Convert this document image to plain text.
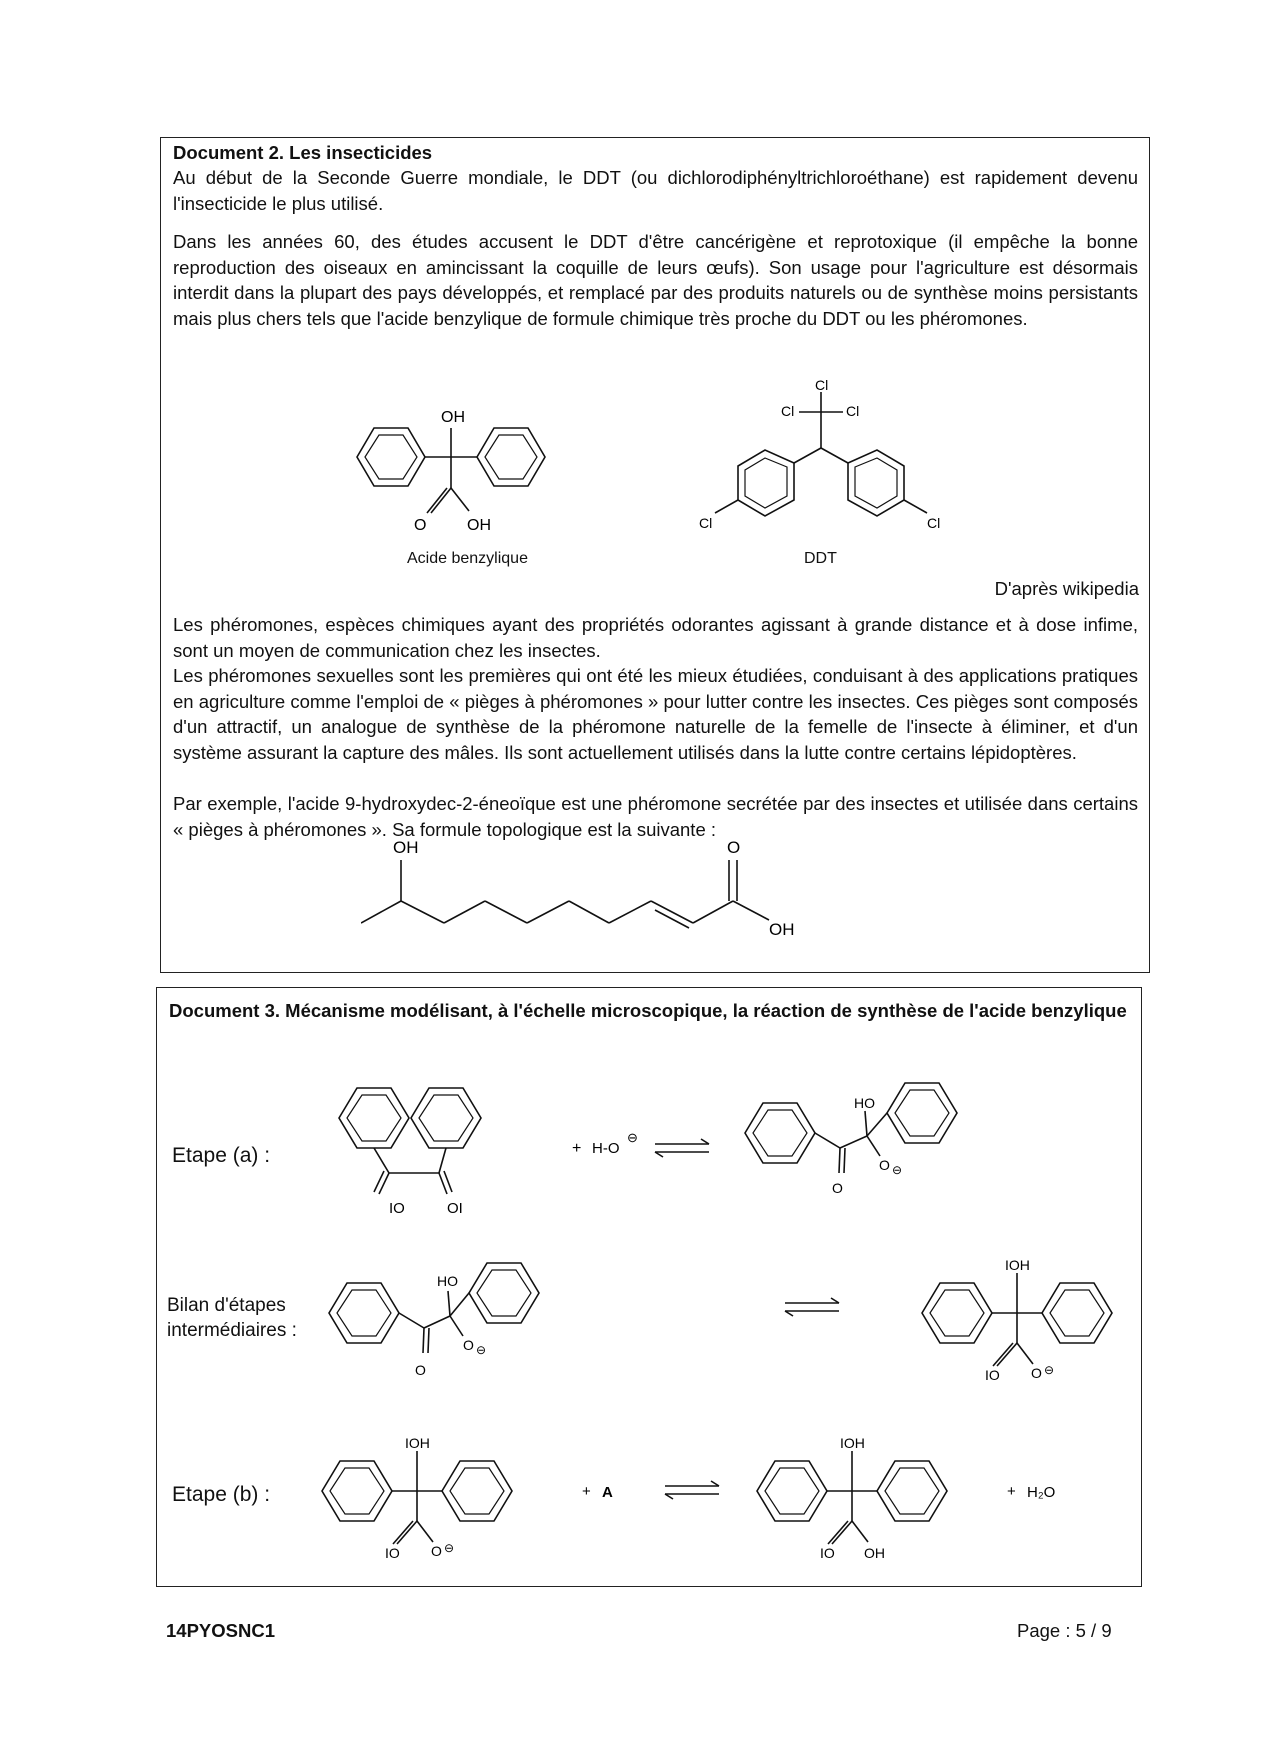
Document 2. Les insecticides

Au début de la Seconde Guerre mondiale, le DDT (ou dichlorodiphényltrichloroéthane) est rapidement devenu l'insecticide le plus utilisé.

Dans les années 60, des études accusent le DDT d'être cancérigène et reprotoxique (il empêche la bonne reproduction des oiseaux en amincissant la coquille de leurs œufs). Son usage pour l'agriculture est désormais interdit dans la plupart des pays développés, et remplacé par des produits naturels ou de synthèse moins persistants mais plus chers tels que l'acide benzylique de formule chimique très proche du DDT ou les phéromones.

OH
O	OH
Acide benzylique
Cl
Cl	Cl
Cl	Cl
DDT
D'après wikipedia

Les phéromones, espèces chimiques ayant des propriétés odorantes agissant à grande distance et à dose infime, sont un moyen de communication chez les insectes.

Les phéromones sexuelles sont les premières qui ont été les mieux étudiées, conduisant à des applications pratiques en agriculture comme l'emploi de « pièges à phéromones » pour lutter contre les insectes. Ces pièges sont composés d'un attractif, un analogue de synthèse de la phéromone naturelle de la femelle de l'insecte à éliminer, et d'un système assurant la capture des mâles. Ils sont actuellement utilisés dans la lutte contre certains lépidoptères.

Par exemple, l'acide 9-hydroxydec-2-éneoïque est une phéromone secrétée par des insectes et utilisée dans certains « pièges à phéromones ». Sa formule topologique est la suivante :

OH	O
OH

Document 3. Mécanisme modélisant, à l'échelle microscopique, la réaction de synthèse de l'acide benzylique

Etape (a) :
IO	OI
+ H-O
⊖
HO
O ⊖
O
Bilan d'étapes intermédiaires :
HO
O ⊖
O
IOH
IO O ⊖
Etape (b) :
IOH
IO O ⊖
+ A
IOH
IO OH
+ H₂O
14PYOSNC1	Page : 5 / 9
